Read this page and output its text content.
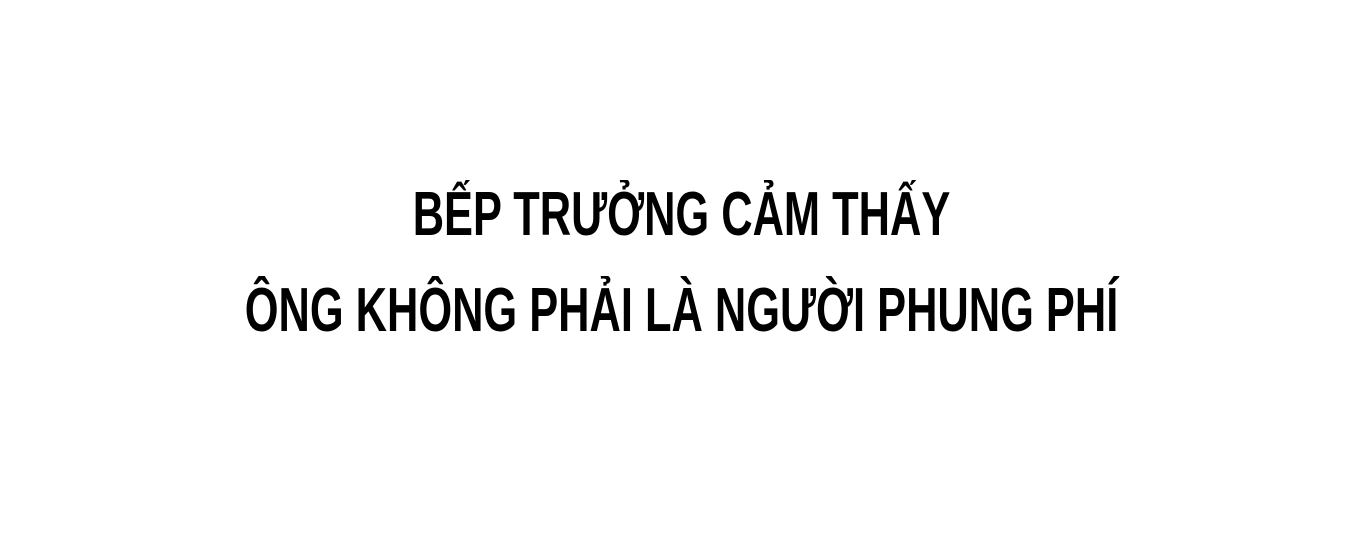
BẾP TRƯỞNG CẢM THẤY
ÔNG KHÔNG PHẢI LÀ NGƯỜI PHUNG PHÍ
